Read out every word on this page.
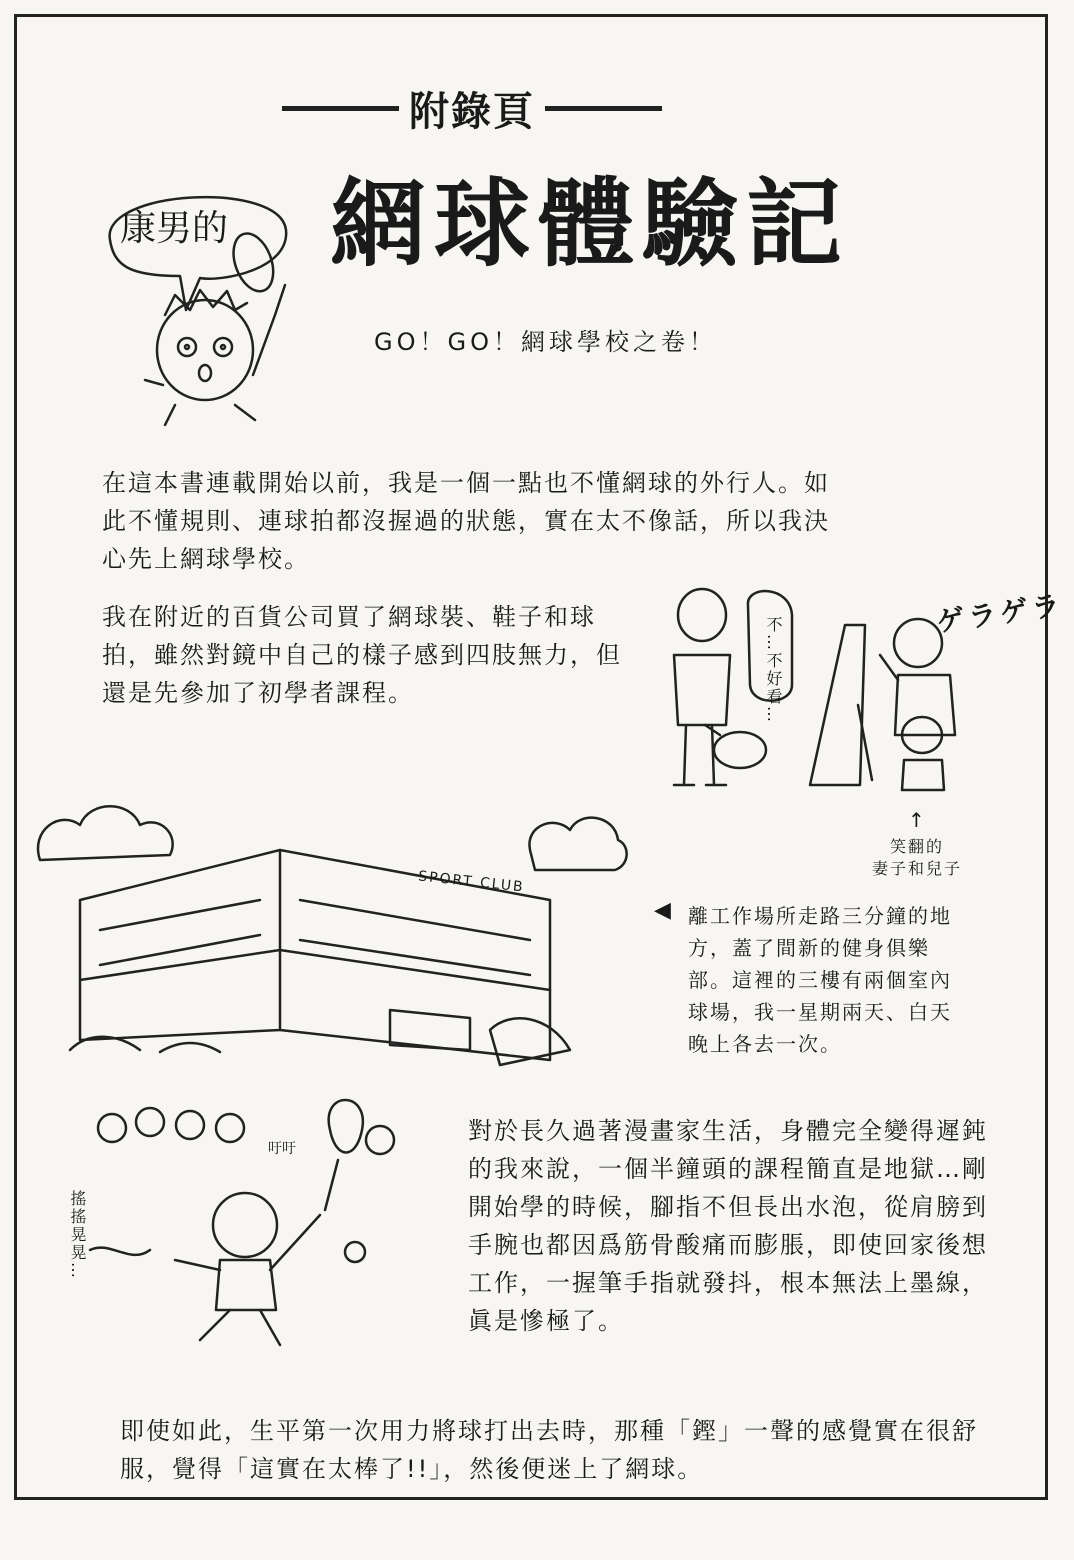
附錄頁
網球體驗記
康男的
GO！GO！網球學校之卷！
在這本書連載開始以前，我是一個一點也不懂網球的外行人。如此不懂規則、連球拍都沒握過的狀態，實在太不像話，所以我決心先上網球學校。
我在附近的百貨公司買了網球裝、鞋子和球拍，雖然對鏡中自己的樣子感到四肢無力，但還是先參加了初學者課程。	不…不好看…
ゲラゲラ
↑
笑翻的
妻子和兒子
SPORT CLUB
◀ 離工作場所走路三分鐘的地方，蓋了間新的健身俱樂部。這裡的三樓有兩個室內球場，我一星期兩天、白天晚上各去一次。
搖搖晃晃…
吁吁
對於長久過著漫畫家生活，身體完全變得遲鈍的我來說，一個半鐘頭的課程簡直是地獄…剛開始學的時候，腳指不但長出水泡，從肩膀到手腕也都因爲筋骨酸痛而膨脹，即使回家後想工作，一握筆手指就發抖，根本無法上墨線，眞是慘極了。
即使如此，生平第一次用力將球打出去時，那種「鏗」一聲的感覺實在很舒服，覺得「這實在太棒了!!」，然後便迷上了網球。
